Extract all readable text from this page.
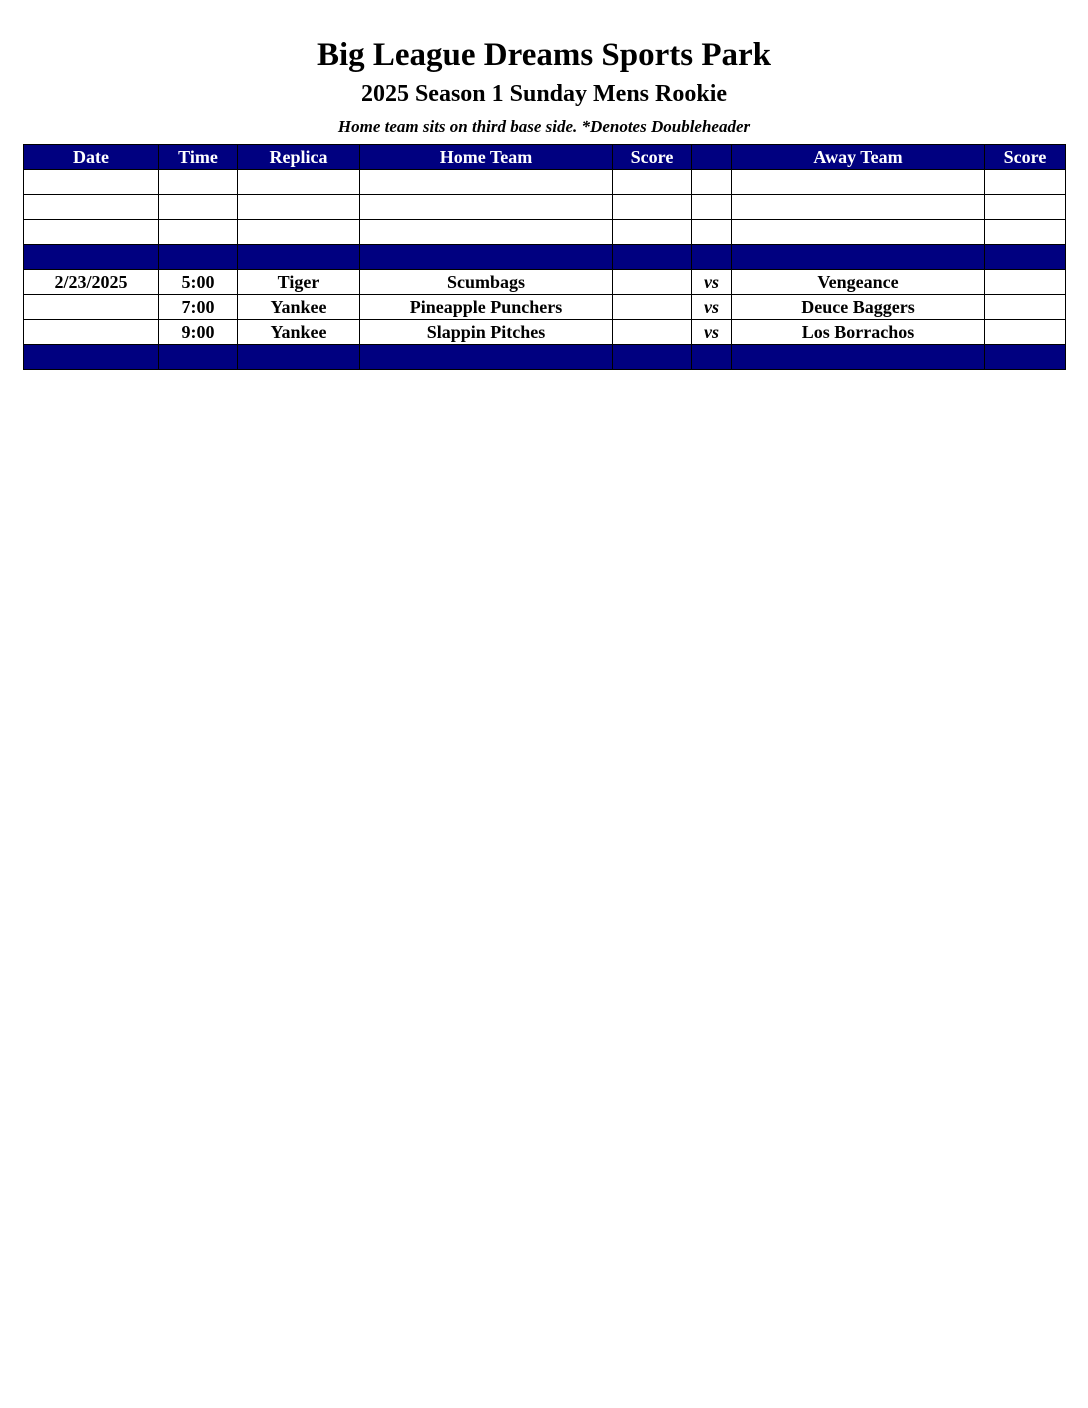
Big League Dreams Sports Park
2025 Season 1 Sunday Mens Rookie
Home team sits on third base side. *Denotes Doubleheader
Date	Time	Replica	Home Team	Score		Away Team	Score

2/23/2025	5:00	Tiger	Scumbags		vs	Vengeance	
	7:00	Yankee	Pineapple Punchers		vs	Deuce Baggers	
	9:00	Yankee	Slappin Pitches		vs	Los Borrachos	
